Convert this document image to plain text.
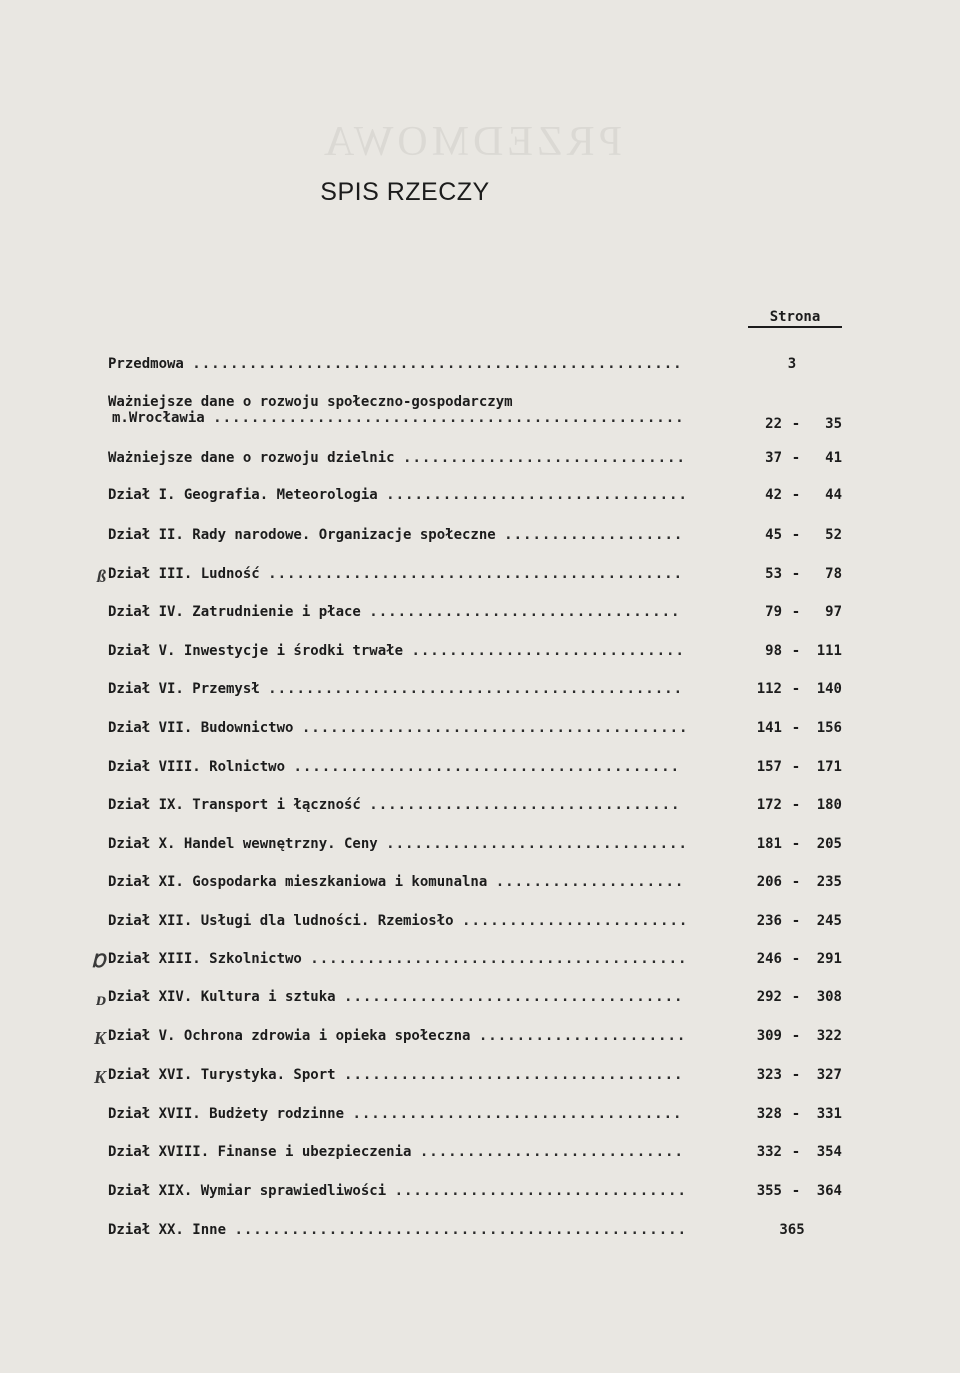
PRZEDMOWA
SPIS RZECZY
Strona
Przedmowa ....................................................	3
Ważniejsze dane o rozwoju społeczno-gospodarczym
m.Wrocławia ..................................................	22 -	35
Ważniejsze dane o rozwoju dzielnic ..............................	37 -	41
Dział I. Geografia. Meteorologia ................................	42 -	44
Dział II. Rady narodowe. Organizacje społeczne ...................	45 -	52
ß Dział III. Ludność ............................................	53 -	78
Dział IV. Zatrudnienie i płace .................................	79 -	97
Dział V. Inwestycje i środki trwałe .............................	98 -	111
Dział VI. Przemysł ............................................	112 -	140
Dział VII. Budownictwo .........................................	141 -	156
Dział VIII. Rolnictwo .........................................	157 -	171
Dział IX. Transport i łączność .................................	172 -	180
Dział X. Handel wewnętrzny. Ceny ................................	181 -	205
Dział XI. Gospodarka mieszkaniowa i komunalna ....................	206 -	235
Dział XII. Usługi dla ludności. Rzemiosło ........................	236 -	245
Ɒ Dział XIII. Szkolnictwo ........................................	246 -	291
ᴅ Dział XIV. Kultura i sztuka ....................................	292 -	308
K Dział V. Ochrona zdrowia i opieka społeczna ......................	309 -	322
K Dział XVI. Turystyka. Sport ....................................	323 -	327
Dział XVII. Budżety rodzinne ...................................	328 -	331
Dział XVIII. Finanse i ubezpieczenia ............................	332 -	354
Dział XIX. Wymiar sprawiedliwości ...............................	355 -	364
Dział XX. Inne ................................................	365
